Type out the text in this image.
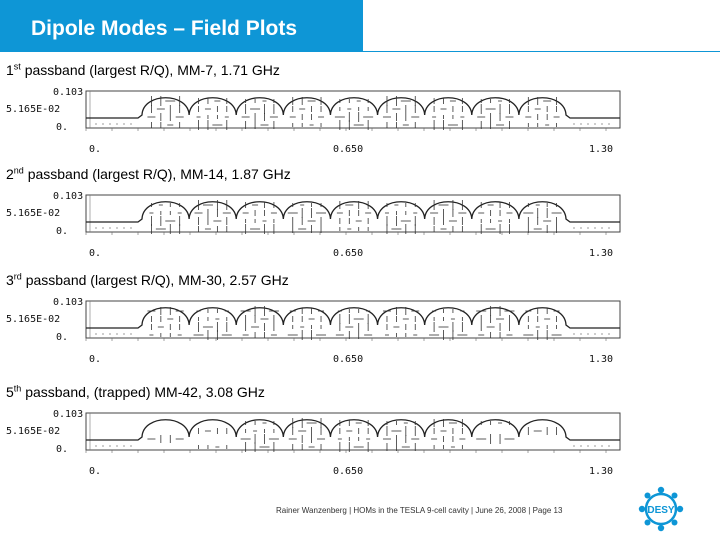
Dipole Modes – Field Plots
1st passband (largest R/Q), MM-7, 1.71 GHz
0.103
5.165E-02
0.
0.	0.650	1.30
2nd passband (largest R/Q), MM-14, 1.87 GHz
0.103
5.165E-02
0.
0.	0.650	1.30
3rd passband (largest R/Q), MM-30, 2.57 GHz
0.103
5.165E-02
0.
0.	0.650	1.30
5th passband, (trapped) MM-42, 3.08 GHz
0.103
5.165E-02
0.
0.	0.650	1.30
Rainer Wanzenberg | HOMs in the TESLA 9-cell cavity | June 26, 2008 | Page 13	DESY
